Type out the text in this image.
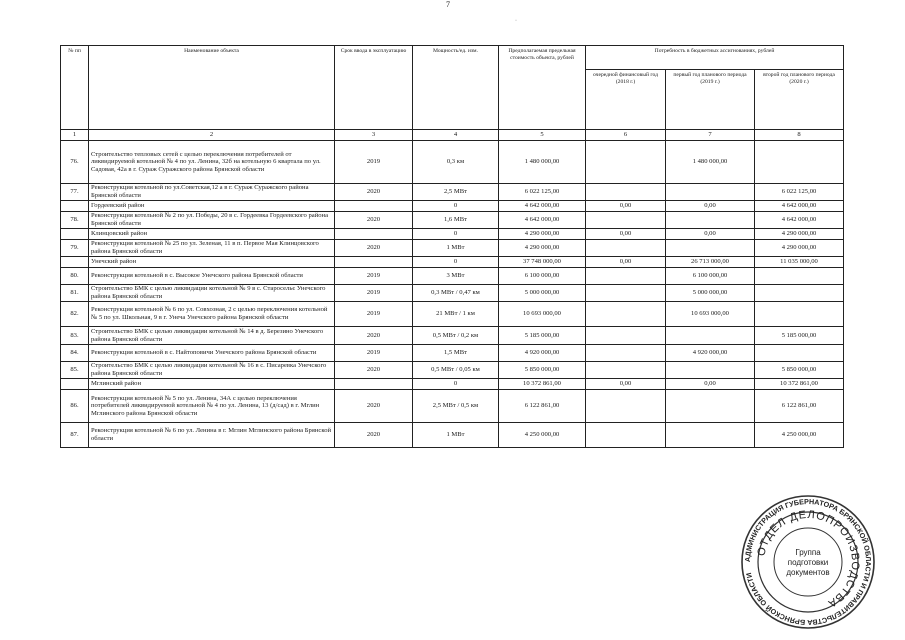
7
·
№ пп	Наименование объекта	Срок ввода в эксплуатацию	Мощность/ед. изм.	Предполагаемая предельная стоимость объекта, рублей	Потребность в бюджетных ассигнованиях, рублей		
					очередной финансовый год (2018 г.)	первый год планового периода (2019 г.)	второй год планового периода (2020 г.)
1	2	3	4	5	6	7	8
76.	Строительство тепловых сетей с целью переключения потребителей от ликвидируемой котельной № 4 по ул. Ленина, 32б на котельную 6 квартала по ул. Садовая, 42а в г. Сураж Суражского района Брянской области	2019	0,3 км	1 480 000,00		1 480 000,00	
77.	Реконструкция котельной по ул.Советская,12 а в г. Сураж Суражского района Брянской области	2020	2,5 МВт	6 022 125,00			6 022 125,00
	Гордеевский район		0	4 642 000,00	0,00	0,00	4 642 000,00
78.	Реконструкция котельной № 2 по ул. Победы, 20 в с. Гордеевка Гордеевского района Брянской области	2020	1,6 МВт	4 642 000,00			4 642 000,00
	Клинцовский район		0	4 290 000,00	0,00	0,00	4 290 000,00
79.	Реконструкция котельной № 25 по ул. Зеленая, 11 в п. Первое Мая Клинцовского района Брянской области	2020	1 МВт	4 290 000,00			4 290 000,00
	Унечский район		0	37 748 000,00	0,00	26 713 000,00	11 035 000,00
80.	Реконструкция котельной в с. Высокое Унечского района Брянской области	2019	3 МВт	6 100 000,00		6 100 000,00	
81.	Строительство БМК с целью ликвидации котельной № 9 в с. Старосельє Унечского района Брянской области	2019	0,3 МВт / 0,47 км	5 000 000,00		5 000 000,00	
82.	Реконструкция котельной № 6 по ул. Совхозная, 2 с целью переключения котельной № 5 по ул. Школьная, 9 в г. Унеча Унечского района Брянской области	2019	21 МВт / 1 км	10 693 000,00		10 693 000,00	
83.	Строительство БМК с целью ликвидации котельной № 14 в д. Березино Унечского района Брянской области	2020	0,5 МВт / 0,2 км	5 185 000,00			5 185 000,00
84.	Реконструкция котельной в с. Найтоповичи Унечского района Брянской области	2019	1,5 МВт	4 920 000,00		4 920 000,00	
85.	Строительство БМК с целью ликвидации котельной № 16 в с. Писаревка Унечского района Брянской области	2020	0,5 МВт / 0,05 км	5 850 000,00			5 850 000,00
	Мглинский район		0	10 372 861,00	0,00	0,00	10 372 861,00
86.	Реконструкция котельной № 5 по ул. Ленина, 34А с целью переключения потребителей ликвидируемой котельной № 4 по ул. Ленина, 13 (д/сад) в г. Мглин Мглинского района Брянской области	2020	2,5 МВт / 0,5 км	6 122 861,00			6 122 861,00
87.	Реконструкция котельной № 6 по ул. Ленина в г. Мглин Мглинского района Брянской области	2020	1 МВт	4 250 000,00			4 250 000,00
АДМИНИСТРАЦИЯ ГУБЕРНАТОРА БРЯНСКОЙ ОБЛАСТИ И ПРАВИТЕЛЬСТВА БРЯНСКОЙ ОБЛАСТИ
ОТДЕЛ ДЕЛОПРОИЗВОДСТВА
Группа
подготовки
документов
